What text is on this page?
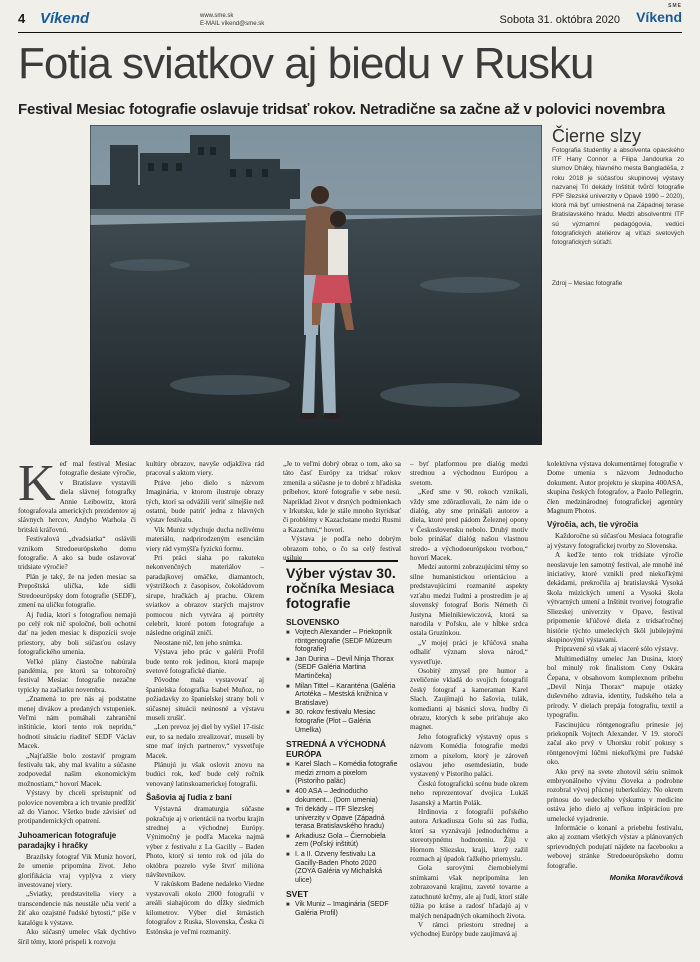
4 Víkend	www.sme.sk
E-MAIL víkend@sme.sk	Sobota 31. októbra 2020
SME
Víkend
Fotia sviatkov aj biedu v Rusku
Festival Mesiac fotografie oslavuje tridsať rokov. Netradične sa začne až v polovici novembra
Čierne slzy
Fotografia študentky a absolventa opavského ITF Hany Connor a Filipa Jandourka zo slumov Dháky, hlavného mesta Bangladéša, z roku 2018 je súčasťou skupinovej výstavy nazvanej Tri dekády Inštitút tvůrčí fotografie FPF Slezské univerzity v Opavě 1990 – 2020), ktorá má byť umiestnená na Západnej terase Bratislavského hradu. Medzi absolventmi ITF sú významní pedagógovia, vedúci fotografických ateliérov aj víťazi svetových fotografických súťaží.
Zdroj – Mesiac fotografie
K eď mal festival Mesiac fotografie desiate výročie, v Bratislave vystavili diela slávnej fotografky Annie Leibowitz, ktorá fotografovala amerických prezidentov aj slávnych hercov, Andyho Warhola či britskú kráľovnú.

Festivalová „dvadsiatka“ oslávili vznikom Stredoeurópskeho domu fotografie. A ako sa bude oslavovať tridsiate výročie?

Plán je taký, že na jeden mesiac sa Prepoštská ulička, kde sídli Stredoeurópsky dom fotografie (SEDF), zmení na uličku fotografie.

Aj ľudia, ktorí s fotografiou nemajú po celý rok nič spoločné, boli ochotní dať na jeden mesiac k dispozícii svoje priestory, aby boli súčasťou oslavy fotografického umenia.

Veľké plány čiastočne nabúrala pandémia, pre ktorú sa tohtoročný festival Mesiac fotografie nezačne typicky na začiatku novembra.

„Znamená to pre nás aj podstatne menej divákov a predaných vstupeniek. Veľmi nám pomáhali zahraniční inštitúcie, ktorí tento rok neprídu,“ hodnotí situáciu riaditeľ SEDF Václav Macek.

„Najťažšie bolo zostaviť program festivalu tak, aby mal kvalitu a súčasne zodpovedal našim ekonomickým možnostiam,“ hovorí Macek.

Výstavy by chceli sprístupniť od polovice novembra a ich trvanie predĺžiť až do Vianoc. Všetko bude závisieť od protipandemických opatrení.

Juhoamerican fotografuje paradajky i hračky

Brazílsky fotograf Vik Muniz hovorí, že umenie pripomína život. Jeho glorifikácia vraj vyplýva z viery investovanej viery.

„Sviatky, predstavitelia viery a transcendencie nás neustále učia veriť a žiť ako ozajstné ľudské bytosti,“ píše v katalógu k výstave.

Ako súčasný umelec však dychtivo šíril témy, ktoré prispeli k rozvoju

kultúry obrazov, navyše odjakživa rád pracoval s aktom viery.

Práve jeho dielo s názvom Imaginária, v ktorom ilustruje obrazy tých, ktorí sa odvážili veriť silnejšie než ostatní, bude patriť jedna z hlavných výstav festivalu.

Vik Muniz vdychuje ducha neživému materiálu, nadprirodzeným esenciám viery rád vymýšľa fyzickú formu.

Pri práci siaha po rakuteku nekonvenčných materiálov – paradajkovej omáčke, diamantoch, výstrižkoch z časopisov, čokoládovom sirupe, hračkách aj prachu. Okrem sviatkov a obrazov starých majstrov pomocou nich vytvára aj portréty celebrít, ktoré potom fotografuje a následne originál zničí.

Neostane nič, len jeho snímka.

Výstava jeho prác v galérii Profil bude tento rok jedinou, ktorá mapuje svetové fotografické dianie.

Pôvodne mala vystavovať aj španielska fotografka Isabel Muñoz, no požiadavky zo španielskej strany boli v súčasnej situácii neúnosné a výstavu museli zrušiť.

„Len prevoz jej diel by vyšiel 17-tisíc eur, to sa nedalo zrealizovať, museli by sme mať iných partnerov,“ vysvetľuje Macek.

Plánujú ju však oslovit znovu na budúci rok, keď bude celý ročník venovaný latinskoamerickej fotografii.

Šašovia aj ľudia z baní

Výstavná dramaturgia súčasne pokračuje aj v orientácii na tvorbu krajín strednej a východnej Európy. Výnimočný je podľa Maceka najmä výber z festivalu z La Gacilly – Baden Photo, ktorý si tento rok od júla do októbra pozrelo vyše štvrť milióna návštevníkov.

V rakúskom Badene nedaleko Viedne vystavovali okolo 2000 fotografií v areáli siahajúcom do dĺžky siedmich kilometrov. Výber diel štrnástich fotografov z Ruska, Slovenska, Česka či Estónska je veľmi rozmanitý.

„Je to veľmi dobrý obraz o tom, ako sa táto časť Európy za tridsať rokov zmenila a súčasne je to dobré z hľadiska príbehov, ktoré fotografie v sebe nesú. Napríklad život v drsných podmienkach v Irkutsku, kde je stále mnoho štyridsať či problémy v Kazachstane medzi Rusmi a Kazachmi,“ hovorí.

Výstava je podľa neho dobrým obrazom toho, o čo sa celý festival usiluje

Výber výstav 30. ročníka Mesiaca fotografie
SLOVENSKO
■ Vojtech Alexander – Priekopník röntgenografie (SEDF Múzeum fotografie)
■ Jan Durina – Devil Ninja Thorax (SEDF Galéria Martina Martinčeka)
■ Milan Tittel – Karanténa (Galéria Artotéka – Mestská knižnica v Bratislave)
■ 30. rokov festivalu Mesiac fotografie (Plot – Galéria Umelka)
STREDNÁ A VÝCHODNÁ EURÓPA
■ Karel Slach – Komédia fotografie medzi zrnom a pixelom (Pistoriho palác)
■ 400 ASA – Jednoducho dokument... (Dom umenia)
■ Tri dekády – ITF Slezskej univerzity v Opave (Západná terasa Bratislavského hradu)
■ Arkadiusz Gola – Čiernobiela zem (Poľský inštitút)
■ I. a II. Ozveny festivalu La Gacilly-Baden Photo 2020 (ZOYA Galéria vy Michalská ulice)
SVET
■ Vik Muniz – Imaginária (SEDF Galéria Profil)

– byť platformou pre dialóg medzi strednou a východnou Európou a svetom.

„Keď sme v 90. rokoch vznikali, vždy sme zdôrazňovali, že nám ide o dialóg, aby sme prinášali autorov a diela, ktoré pred pádom Železnej opony v Československu nebolo. Druhý motív bolo prinášať dialóg našou vlastnou stredo- a východoeurópskou tvorbou,“ hovorí Macek.

Medzi autormi zobrazujúcimi témy so silne humanistickou orientáciou a predstavujúcimi rozmanité aspekty vzťahu medzi ľudmi a prostredím je aj slovenský fotograf Boris Németh či Justyna Mielnikiewiczová, ktorá sa narodila v Poľsku, ale v hĺbke srdca ostala Gruzínkou.

„V mojej práci je kľúčová snaha odhaliť význam slova národ,“ vysvetľuje.

Osobitý zmysel pre humor a zveličenie vkladá do svojich fotografií český fotograf a kameraman Karel Slach. Zaujímajú ho šašovia, tulák, komedianti aj básnici slova, hudby či obrazu, ktorých k sebe priťahuje ako magnet.

Jeho fotografický výstavný opus s názvom Komédia fotografie medzi zrnom a pixelom, ktorý je zároveň oslavou jeho osemdesiatin, bude vystavený v Pistoriho paláci.

Českú fotografickú scénu bude okrem neho reprezentovať dvojica Lukáš Jasanský a Martin Polák.

Hrdinovia z fotografií poľského autora Arkadiusza Golu sú zas ľudia, ktorí sa vyznávajú jednoduchému a stereotypnému hodnoteniu. Žijú v Hornom Sliezsku, kraji, ktorý zažil rozmach aj úpadok ťažkého priemyslu.

Gola surovými čiernobielymi snímkami však neprípomína len zobrazovanú krajinu, zaveté tovarne a zatuchnuté krčmy, ale aj ľudí, ktorí stále túžia po kráse a radosť hľadajú aj v malých nenápadných okamihoch života.

V rámci priestoru strednej a východnej Európy bude zaujímavá aj

kolektívna výstava dokumentárnej fotografie v Dome umenia s názvom Jednoducho dokument. Autor projektu je skupina 400ASA, skupina českých fotografov, a Paolo Pellegrin, člen medzinárodnej fotografickej agentúry Magnum Photos.

Výročia, ach, tie výročia

Každoročne sú súčasťou Mesiaca fotografie aj výstavy fotografickej tvorby zo Slovenska.

A keďže tento rok tridsiate výročie neoslavuje len samotný festival, ale mnohé iné iniciatívy, ktoré vznikli pred niekoľkými dekádami, prekročila aj bratislavská Vysoká škola múzických umení a Vysoká škola výtvarných umení a Inštitút tvorivej fotografie Sliezskej univerzity v Opave, festival pripomenie kľúčové diela z tridsaťročnej histórie týchto umeleckých škôl jubilejnými skupinovými výstavami.

Pripravené sú však aj viaceré sólo výstavy.

Multimediálny umelec Jan Dusina, ktorý bol minulý rok finalistom Ceny Oskára Čepana, v obsahovom komplexnom príbehu „Devil Ninja Thorax“ mapuje otázky duševného zdravia, identity, ľudského tela a prírody. V dielach prepája fotografiu, textil a typografiu.

Fascinujúcu röntgenografiu prinesie jej priekopník Vojtech Alexander. V 19. storočí začal ako prvý v Uhorsku robiť pokusy s röntgenovými lúčmi niekoľkými pre ľudské oko.

Ako prvý na svete zhotovil sériu snímok embryonálneho vývinu človeka a podrobne rozobral vývoj pľúcnej tuberkulózy. No okrem prínosu do vedeckého výskumu v medicíne ostáva jeho dielo aj veľkou inšpiráciou pre umelecké vyjadrenie.

Informácie o konaní a priebehu festivalu, ako aj zoznam všetkých výstav a plánovaných sprievodných podujatí nájdete na facebooku a webovej stránke Stredoeurópskeho domu fotografie.

Monika Moravčíková
